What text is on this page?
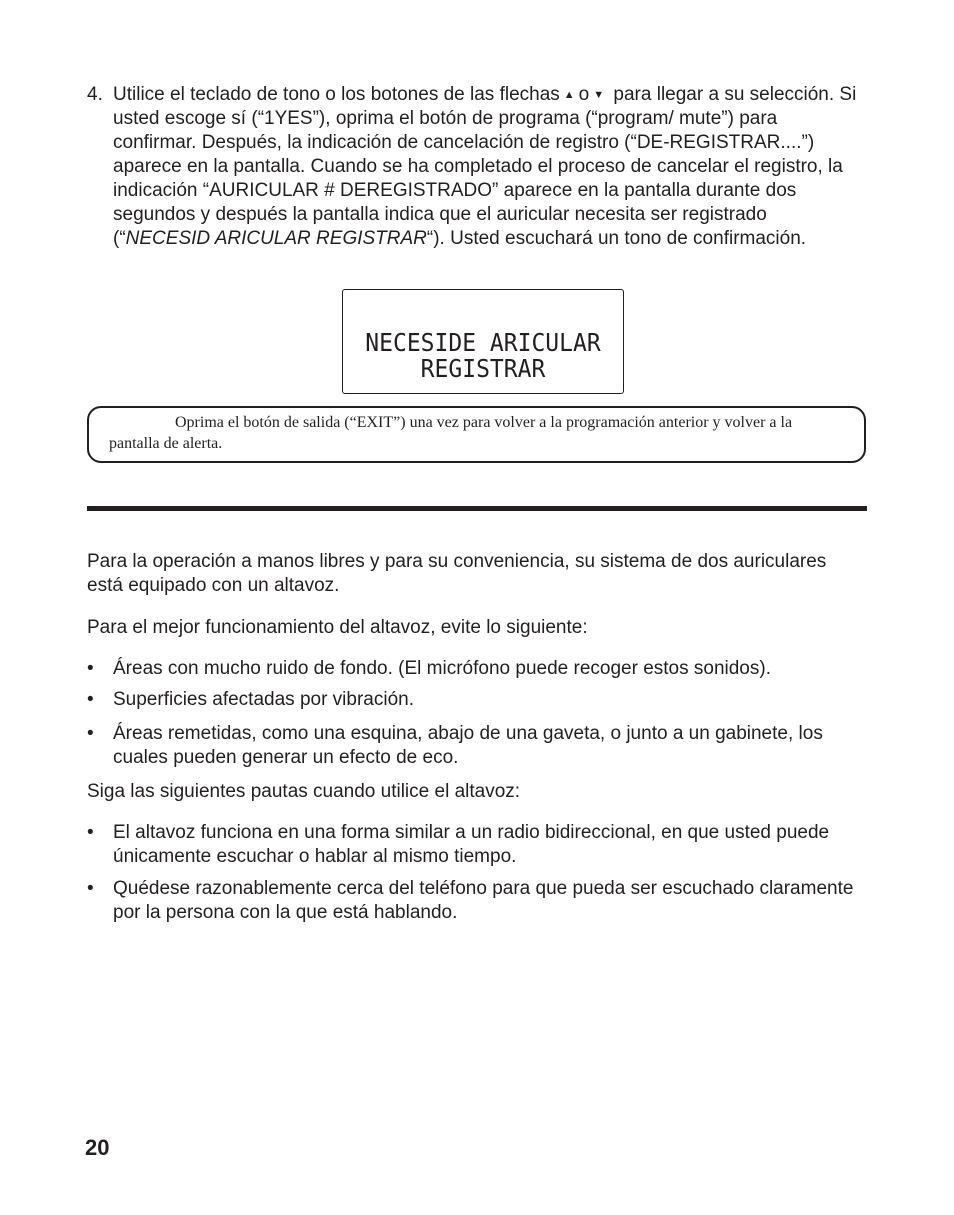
4. Utilice el teclado de tono o los botones de las flechas ▲ o ▼ para llegar a su selección. Si usted escoge sí (“1YES”), oprima el botón de programa (“program/ mute”) para confirmar. Después, la indicación de cancelación de registro (“DE-REGISTRAR....”) aparece en la pantalla. Cuando se ha completado el proceso de cancelar el registro, la indicación “AURICULAR # DEREGISTRADO” aparece en la pantalla durante dos segundos y después la pantalla indica que el auricular necesita ser registrado (“NECESID ARICULAR REGISTRAR“). Usted escuchará un tono de confirmación.
NECESIDE ARICULAR
REGISTRAR
Oprima el botón de salida (“EXIT”) una vez para volver a la programación anterior y volver a la pantalla de alerta.
Para la operación a manos libres y para su conveniencia, su sistema de dos auriculares está equipado con un altavoz.
Para el mejor funcionamiento del altavoz, evite lo siguiente:
• Áreas con mucho ruido de fondo. (El micrófono puede recoger estos sonidos).
• Superficies afectadas por vibración.
• Áreas remetidas, como una esquina, abajo de una gaveta, o junto a un gabinete, los cuales pueden generar un efecto de eco.
Siga las siguientes pautas cuando utilice el altavoz:
• El altavoz funciona en una forma similar a un radio bidireccional, en que usted puede únicamente escuchar o hablar al mismo tiempo.
• Quédese razonablemente cerca del teléfono para que pueda ser escuchado claramente por la persona con la que está hablando.
20
